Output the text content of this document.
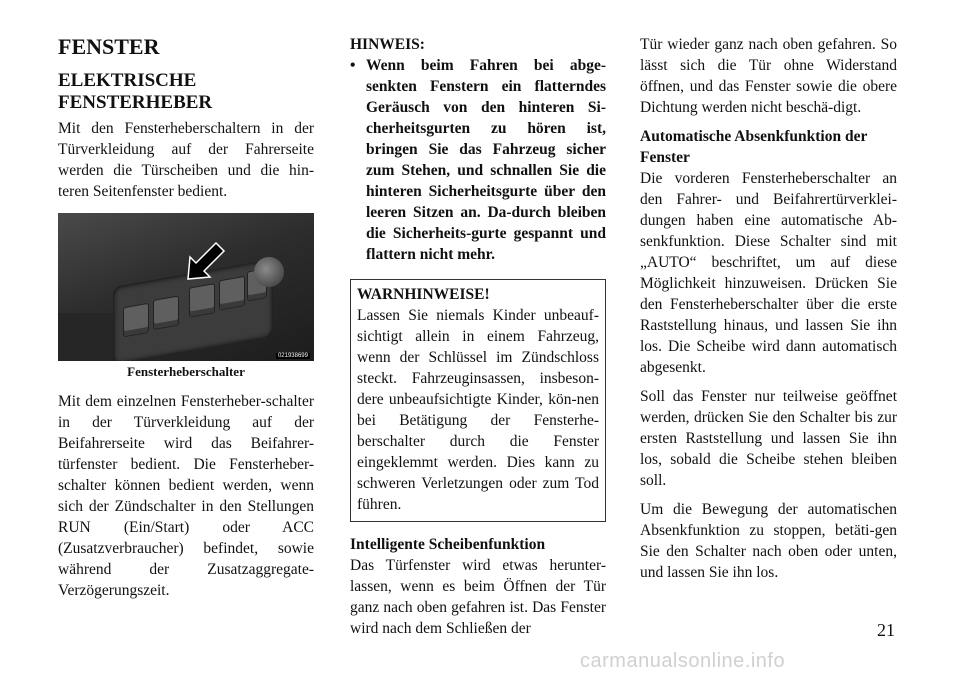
FENSTER
ELEKTRISCHE
FENSTERHEBER

Mit den Fensterheberschaltern in der Türverkleidung auf der Fahrerseite werden die Türscheiben und die hin-teren Seitenfenster bedient.

021938699
Fensterheberschalter

Mit dem einzelnen Fensterheber-schalter in der Türverkleidung auf der Beifahrerseite wird das Beifahrer-türfenster bedient. Die Fensterheber-schalter können bedient werden, wenn sich der Zündschalter in den Stellungen RUN (Ein/Start) oder ACC (Zusatzverbraucher) befindet, sowie während der Zusatzaggregate-Verzögerungszeit.

HINWEIS:

• Wenn beim Fahren bei abge-senkten Fenstern ein flatterndes Geräusch von den hinteren Si-cherheitsgurten zu hören ist, bringen Sie das Fahrzeug sicher zum Stehen, und schnallen Sie die hinteren Sicherheitsgurte über den leeren Sitzen an. Da-durch bleiben die Sicherheits-gurte gespannt und flattern nicht mehr.

WARNHINWEISE!

Lassen Sie niemals Kinder unbeauf-sichtigt allein in einem Fahrzeug, wenn der Schlüssel im Zündschloss steckt. Fahrzeuginsassen, insbeson-dere unbeaufsichtigte Kinder, kön-nen bei Betätigung der Fensterhe-berschalter durch die Fenster eingeklemmt werden. Dies kann zu schweren Verletzungen oder zum Tod führen.

Intelligente Scheibenfunktion

Das Türfenster wird etwas herunter-lassen, wenn es beim Öffnen der Tür ganz nach oben gefahren ist. Das Fenster wird nach dem Schließen der

Tür wieder ganz nach oben gefahren. So lässt sich die Tür ohne Widerstand öffnen, und das Fenster sowie die obere Dichtung werden nicht beschä-digt.

Automatische Absenkfunktion der Fenster

Die vorderen Fensterheberschalter an den Fahrer- und Beifahrertürverklei-dungen haben eine automatische Ab-senkfunktion. Diese Schalter sind mit „AUTO“ beschriftet, um auf diese Möglichkeit hinzuweisen. Drücken Sie den Fensterheberschalter über die erste Raststellung hinaus, und lassen Sie ihn los. Die Scheibe wird dann automatisch abgesenkt.

Soll das Fenster nur teilweise geöffnet werden, drücken Sie den Schalter bis zur ersten Raststellung und lassen Sie ihn los, sobald die Scheibe stehen bleiben soll.

Um die Bewegung der automatischen Absenkfunktion zu stoppen, betäti-gen Sie den Schalter nach oben oder unten, und lassen Sie ihn los.

21
carmanualsonline.info
